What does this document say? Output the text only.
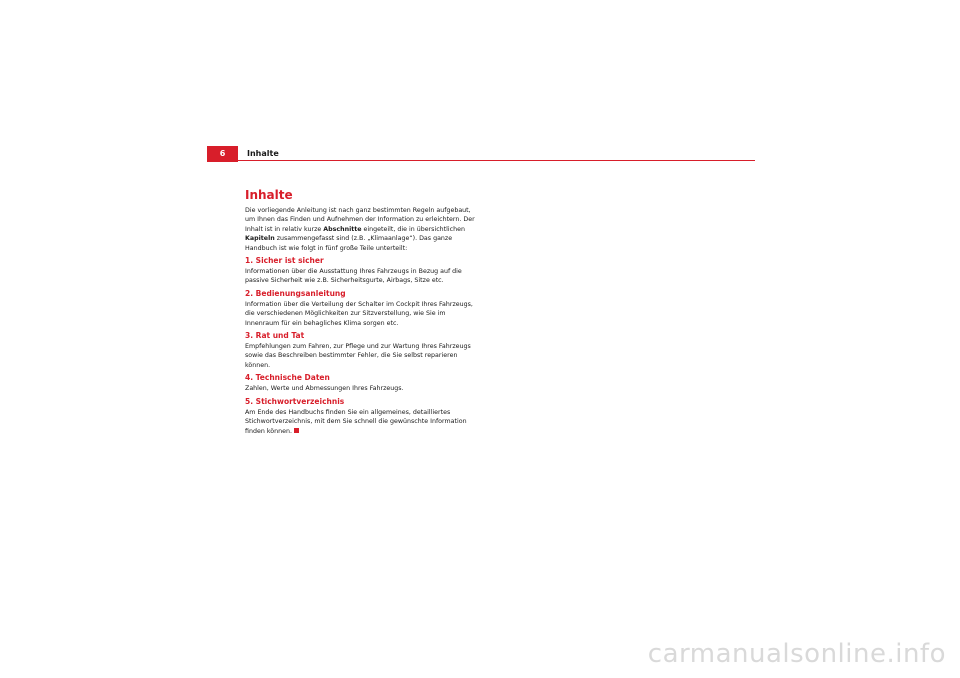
6	Inhalte
Inhalte

Die vorliegende Anleitung ist nach ganz bestimmten Regeln aufgebaut, um Ihnen das Finden und Aufnehmen der Information zu erleichtern. Der Inhalt ist in relativ kurze Abschnitte eingeteilt, die in übersichtlichen Kapiteln zusammengefasst sind (z.B. „Klimaanlage“). Das ganze Handbuch ist wie folgt in fünf große Teile unterteilt:

1. Sicher ist sicher

Informationen über die Ausstattung Ihres Fahrzeugs in Bezug auf die passive Sicherheit wie z.B. Sicherheitsgurte, Airbags, Sitze etc.

2. Bedienungsanleitung

Information über die Verteilung der Schalter im Cockpit Ihres Fahrzeugs, die verschiedenen Möglichkeiten zur Sitzverstellung, wie Sie im Innenraum für ein behagliches Klima sorgen etc.

3. Rat und Tat

Empfehlungen zum Fahren, zur Pflege und zur Wartung Ihres Fahrzeugs sowie das Beschreiben bestimmter Fehler, die Sie selbst reparieren können.

4. Technische Daten

Zahlen, Werte und Abmessungen Ihres Fahrzeugs.

5. Stichwortverzeichnis

Am Ende des Handbuchs finden Sie ein allgemeines, detailliertes Stichwortverzeichnis, mit dem Sie schnell die gewünschte Information finden können.

carmanualsonline.info
